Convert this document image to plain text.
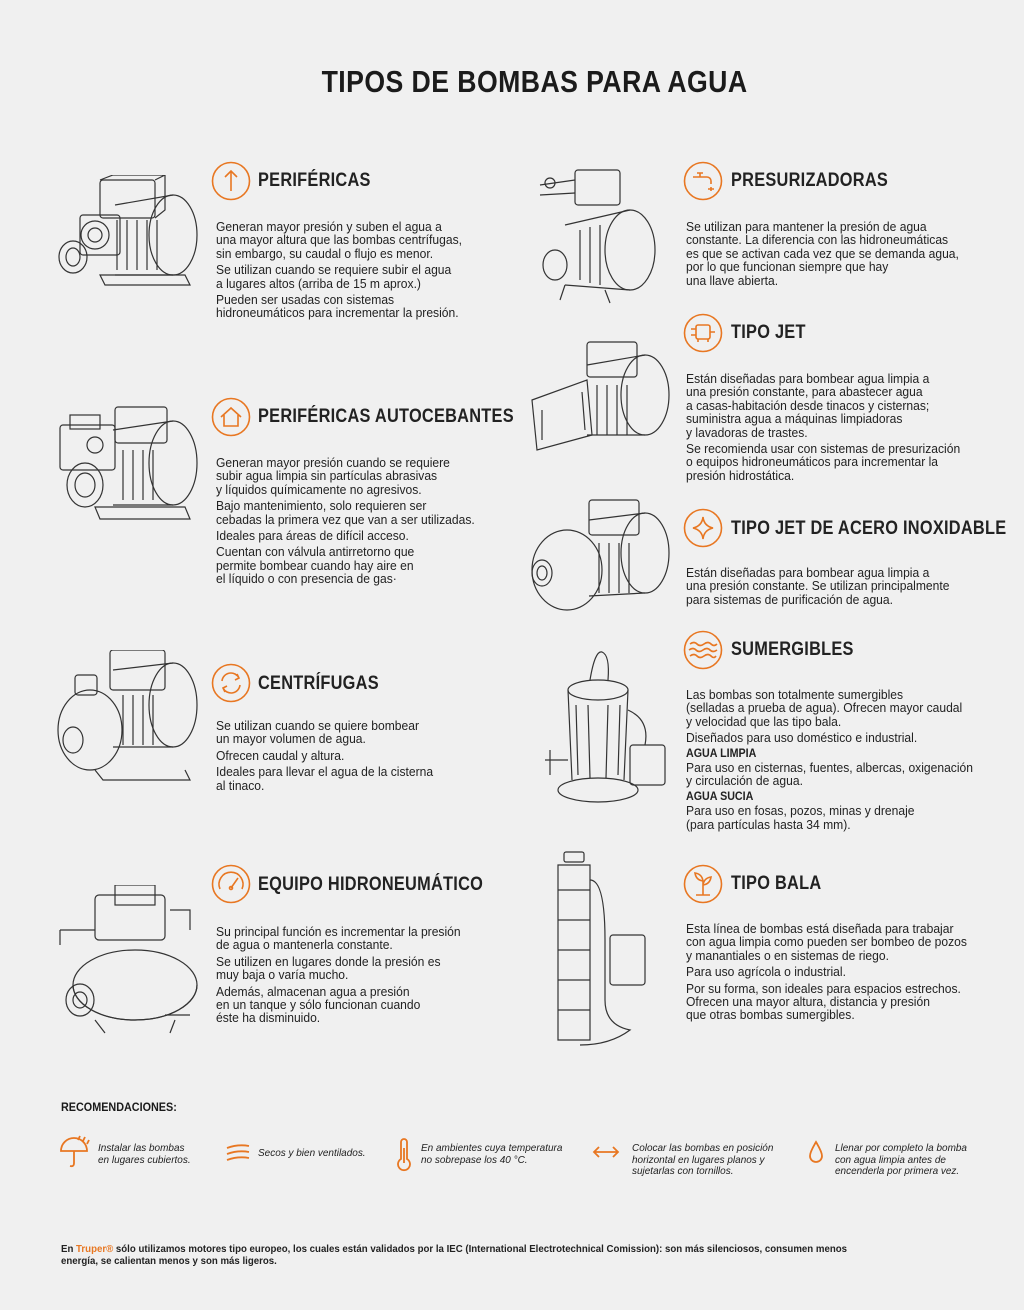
TIPOS DE BOMBAS PARA AGUA
PERIFÉRICAS

Generan mayor presión y suben el agua a
una mayor altura que las bombas centrífugas,
sin embargo, su caudal o flujo es menor.

Se utilizan cuando se requiere subir el agua
a lugares altos (arriba de 15 m aprox.)

Pueden ser usadas con sistemas
hidroneumáticos para incrementar la presión.

PERIFÉRICAS AUTOCEBANTES

Generan mayor presión cuando se requiere
subir agua limpia sin partículas abrasivas
y líquidos químicamente no agresivos.

Bajo mantenimiento, solo requieren ser
cebadas la primera vez que van a ser utilizadas.

Ideales para áreas de difícil acceso.

Cuentan con válvula antirretorno que
permite bombear cuando hay aire en
el líquido o con presencia de gas·

CENTRÍFUGAS

Se utilizan cuando se quiere bombear
un mayor volumen de agua.

Ofrecen caudal y altura.

Ideales para llevar el agua de la cisterna
al tinaco.

EQUIPO HIDRONEUMÁTICO

Su principal función es incrementar la presión
de agua o mantenerla constante.

Se utilizen en lugares donde la presión es
muy baja o varía mucho.

Además, almacenan agua a presión
en un tanque y sólo funcionan cuando
éste ha disminuido.

PRESURIZADORAS

Se utilizan para mantener la presión de agua
constante. La diferencia con las hidroneumáticas
es que se activan cada vez que se demanda agua,
por lo que funcionan siempre que hay
una llave abierta.

TIPO JET

Están diseñadas para bombear agua limpia a
una presión constante, para abastecer agua
a casas-habitación desde tinacos y cisternas;
suministra agua a máquinas limpiadoras
y lavadoras de trastes.

Se recomienda usar con sistemas de presurización
o equipos hidroneumáticos para incrementar la
presión hidrostática.

TIPO JET DE ACERO INOXIDABLE

Están diseñadas para bombear agua limpia a
una presión constante. Se utilizan principalmente
para sistemas de purificación de agua.

SUMERGIBLES

Las bombas son totalmente sumergibles
(selladas a prueba de agua). Ofrecen mayor caudal
y velocidad que las tipo bala.

Diseñados para uso doméstico e industrial.

AGUA LIMPIA

Para uso en cisternas, fuentes, albercas, oxigenación
y circulación de agua.

AGUA SUCIA

Para uso en fosas, pozos, minas y drenaje
(para partículas hasta 34 mm).

TIPO BALA

Esta línea de bombas está diseñada para trabajar
con agua limpia como pueden ser bombeo de pozos
y manantiales o en sistemas de riego.

Para uso agrícola o industrial.

Por su forma, son ideales para espacios estrechos.
Ofrecen una mayor altura, distancia y presión
que otras bombas sumergibles.

RECOMENDACIONES:
Instalar las bombas
en lugares cubiertos.
Secos y bien ventilados.	En ambientes cuya temperatura
no sobrepase los 40 °C.
Colocar las bombas en posición
horizontal en lugares planos y
sujetarlas con tornillos.
Llenar por completo la bomba
con agua limpia antes de
encenderla por primera vez.
En Truper® sólo utilizamos motores tipo europeo, los cuales están validados por la IEC (International Electrotechnical Comission): son más silenciosos, consumen menos energía, se calientan menos y son más ligeros.
